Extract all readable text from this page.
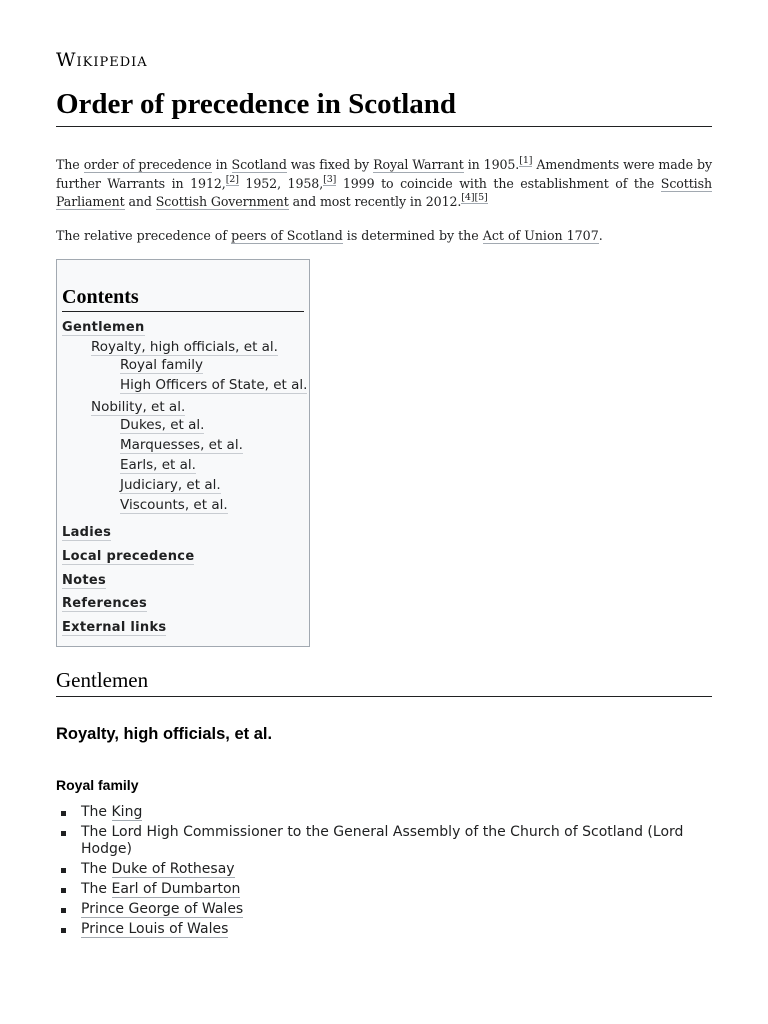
Wikipedia
Order of precedence in Scotland

The order of precedence in Scotland was fixed by Royal Warrant in 1905.[1] Amendments were made by further Warrants in 1912,[2] 1952, 1958,[3] 1999 to coincide with the establishment of the Scottish Parliament and Scottish Government and most recently in 2012.[4][5]

The relative precedence of peers of Scotland is determined by the Act of Union 1707.

Contents
Gentlemen
Royalty, high officials, et al.
Royal family
High Officers of State, et al.
Nobility, et al.
Dukes, et al.
Marquesses, et al.
Earls, et al.
Judiciary, et al.
Viscounts, et al.
Ladies
Local precedence
Notes
References
External links
Gentlemen
Royalty, high officials, et al.
Royal family
The King
The Lord High Commissioner to the General Assembly of the Church of Scotland (Lord Hodge)
The Duke of Rothesay
The Earl of Dumbarton
Prince George of Wales
Prince Louis of Wales
